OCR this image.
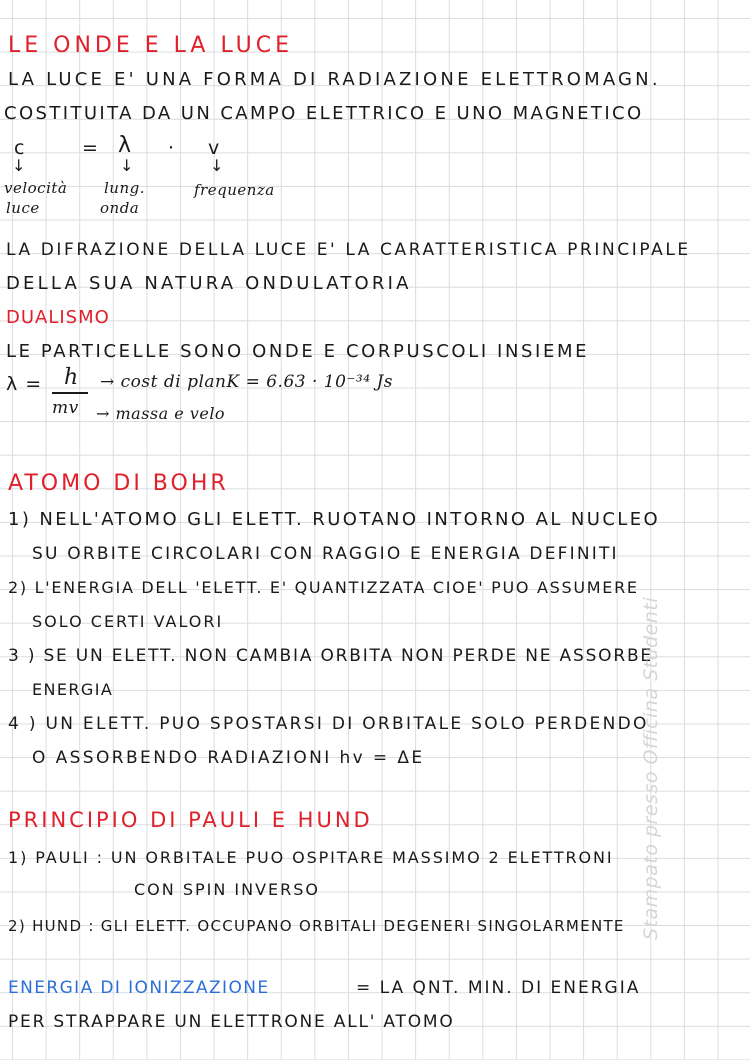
LE ONDE E LA LUCE
LA LUCE E' UNA FORMA DI RADIAZIONE ELETTROMAGN.
COSTITUITA DA UN CAMPO ELETTRICO E UNO MAGNETICO
c	= λ · v
↓	↓	↓
velocità
luce
lung.
onda
frequenza
LA DIFRAZIONE DELLA LUCE E' LA CARATTERISTICA PRINCIPALE
DELLA SUA NATURA ONDULATORIA
DUALISMO
LE PARTICELLE SONO ONDE E CORPUSCOLI INSIEME
λ = h
mv
→ cost di planK = 6.63 · 10⁻³⁴ Js
→ massa e velo
ATOMO DI BOHR
1) NELL'ATOMO GLI ELETT. RUOTANO INTORNO AL NUCLEO
SU ORBITE CIRCOLARI CON RAGGIO E ENERGIA DEFINITI
2) L'ENERGIA DELL 'ELETT. E' QUANTIZZATA CIOE' PUO ASSUMERE
SOLO CERTI VALORI
3 ) SE UN ELETT. NON CAMBIA ORBITA NON PERDE NE ASSORBE
ENERGIA
4 ) UN ELETT. PUO SPOSTARSI DI ORBITALE SOLO PERDENDO
O ASSORBENDO RADIAZIONI hv = ΔE
PRINCIPIO DI PAULI E HUND
1) PAULI : UN ORBITALE PUO OSPITARE MASSIMO 2 ELETTRONI
CON SPIN INVERSO
2) HUND : GLI ELETT. OCCUPANO ORBITALI DEGENERI SINGOLARMENTE
ENERGIA DI IONIZZAZIONE	= LA QNT. MIN. DI ENERGIA
PER STRAPPARE UN ELETTRONE ALL' ATOMO
Stampato presso Officina Studenti
